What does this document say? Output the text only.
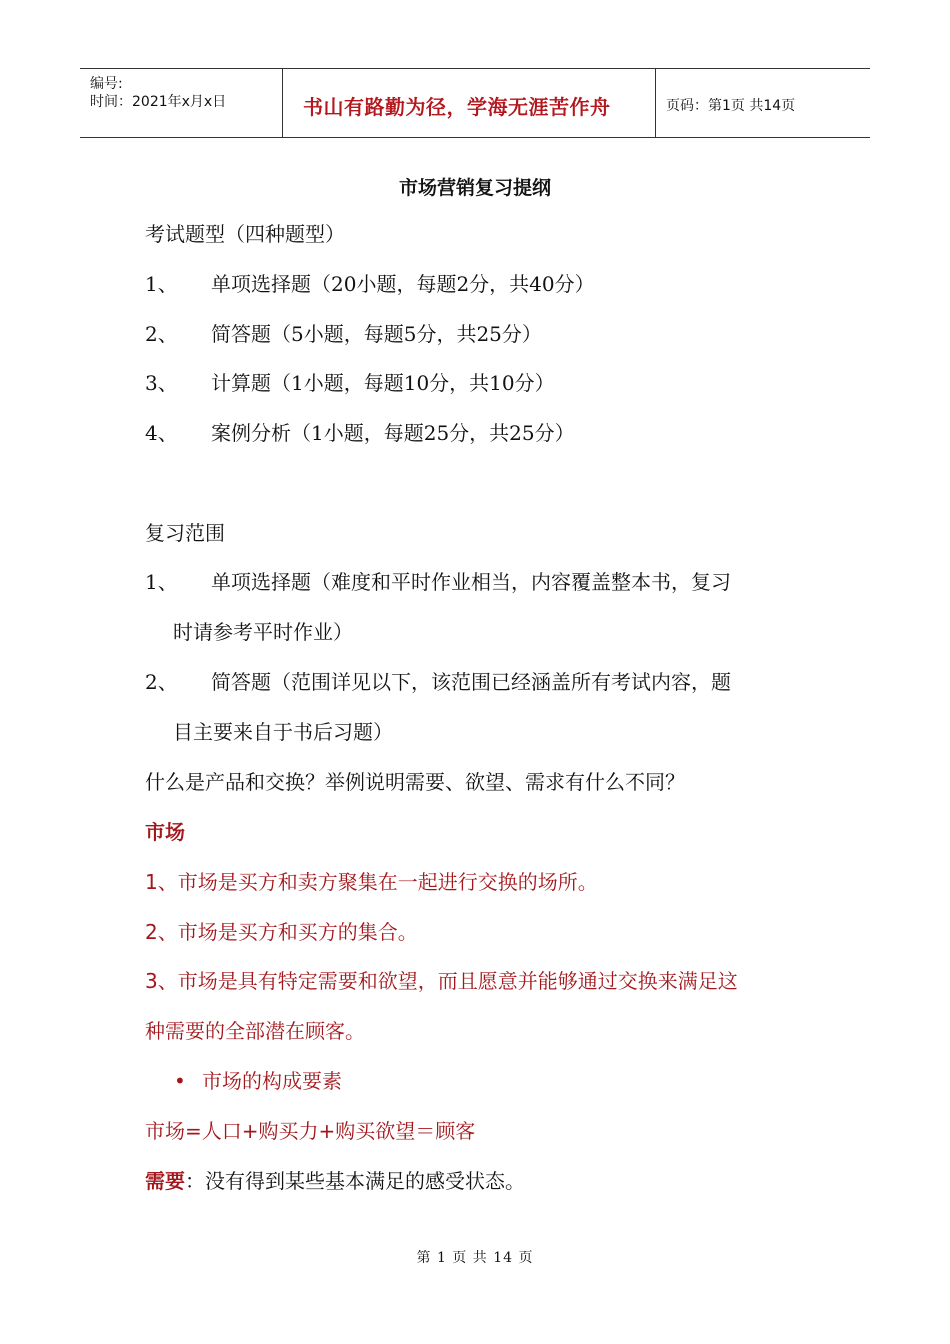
编号:
时间：2021年x月x日	书山有路勤为径，学海无涯苦作舟	页码：第1页 共14页
市场营销复习提纲
考试题型（四种题型）
1、 单项选择题（20小题，每题2分，共40分）
2、 简答题（5小题，每题5分，共25分）
3、 计算题（1小题，每题10分，共10分）
4、 案例分析（1小题，每题25分，共25分）
复习范围
1、 单项选择题（难度和平时作业相当，内容覆盖整本书，复习
时请参考平时作业）
2、 简答题（范围详见以下，该范围已经涵盖所有考试内容，题
目主要来自于书后习题）
什么是产品和交换？举例说明需要、欲望、需求有什么不同？
市场
1、市场是买方和卖方聚集在一起进行交换的场所。
2、市场是买方和买方的集合。
3、市场是具有特定需要和欲望，而且愿意并能够通过交换来满足这
种需要的全部潜在顾客。
• 市场的构成要素
市场=人口+购买力+购买欲望＝顾客
需要：没有得到某些基本满足的感受状态。
第 1 页 共 14 页
